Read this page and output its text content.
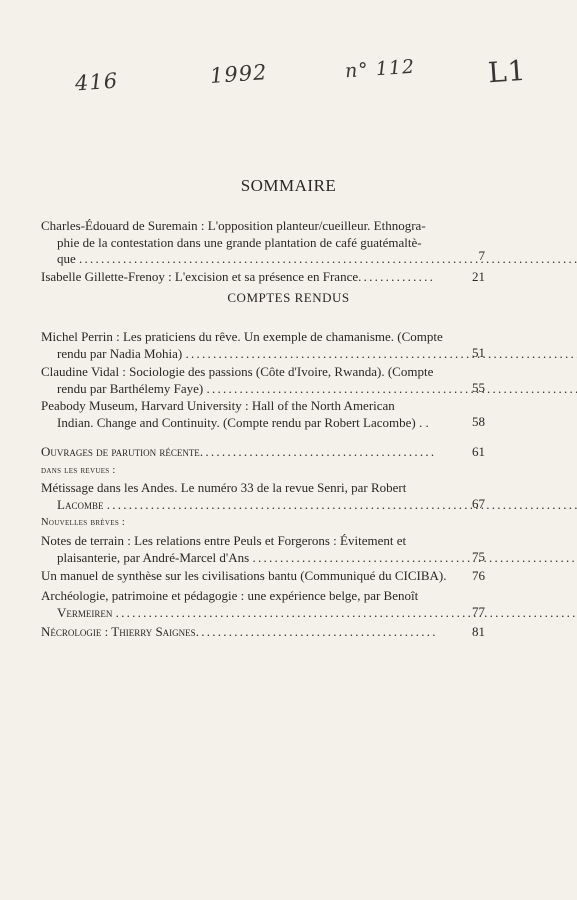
416	1992	n° 112	L1
SOMMAIRE
Charles-Édouard de Suremain : L'opposition planteur/cueilleur. Ethnogra-
phie de la contestation dans une grande plantation de café guatémaltè-
que . . .	7
Isabelle Gillette-Frenoy : L'excision et sa présence en France . . .	21
COMPTES RENDUS
Michel Perrin : Les praticiens du rêve. Un exemple de chamanisme. (Compte
rendu par Nadia Mohia) . . .	51
Claudine Vidal : Sociologie des passions (Côte d'Ivoire, Rwanda). (Compte
rendu par Barthélemy Faye) . . .	55
Peabody Museum, Harvard University : Hall of the North American
Indian. Change and Continuity. (Compte rendu par Robert Lacombe) . .	58
Ouvrages de parution récente . . .	61
dans les revues :
Métissage dans les Andes. Le numéro 33 de la revue Senri, par Robert
Lacombe . . .	67
Nouvelles brèves :
Notes de terrain : Les relations entre Peuls et Forgerons : Évitement et
plaisanterie, par André-Marcel d'Ans . . .	75
Un manuel de synthèse sur les civilisations bantu (Communiqué du CICIBA).	76
Archéologie, patrimoine et pédagogie : une expérience belge, par Benoît
Vermeiren . . .	77
Nécrologie : Thierry Saignes . . .	81
